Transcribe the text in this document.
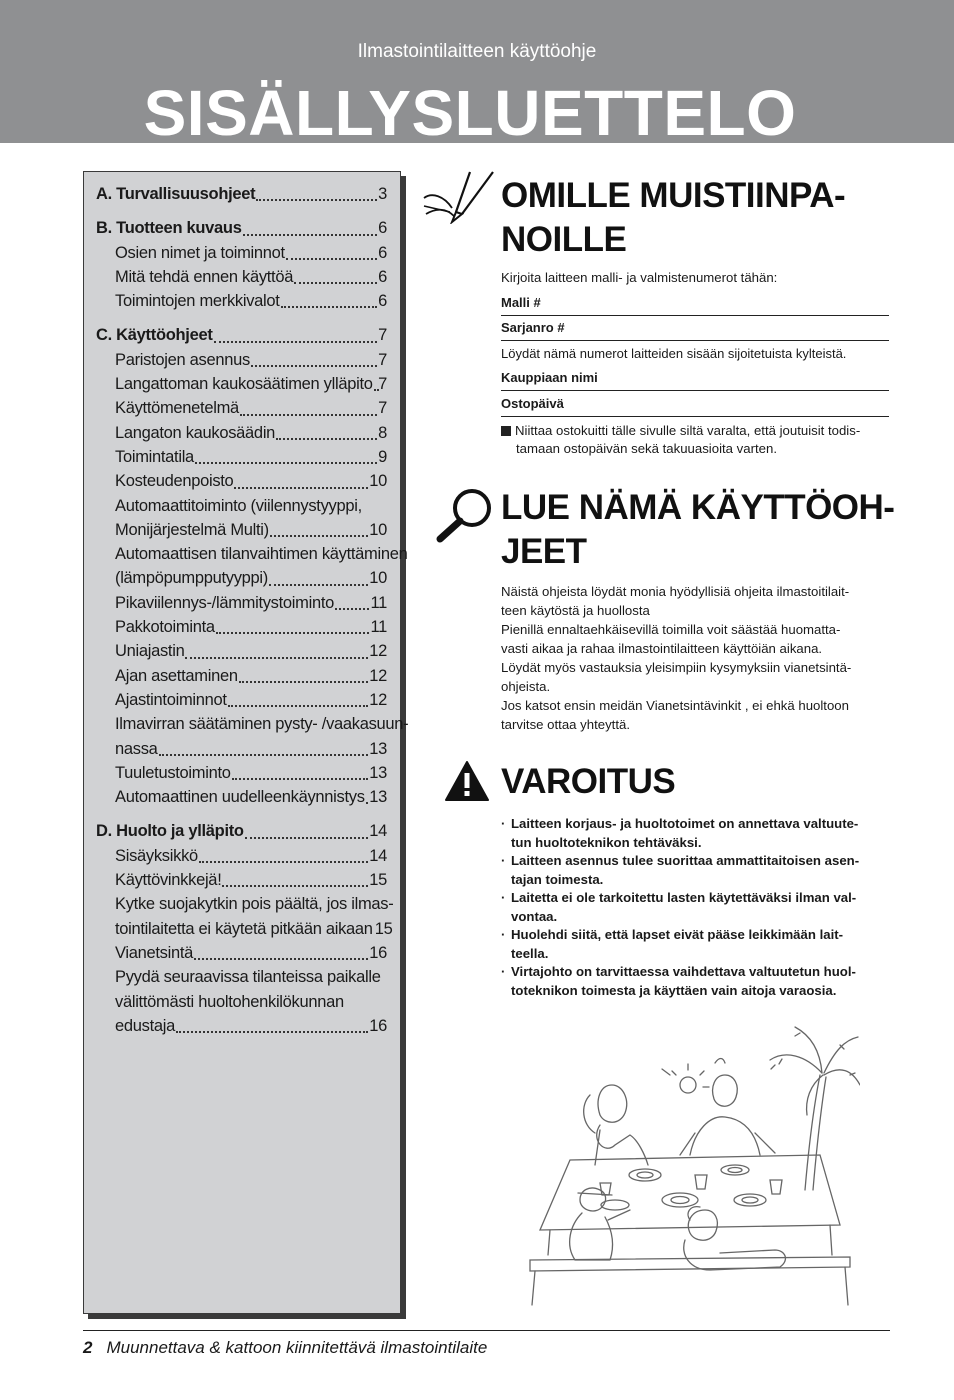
Ilmastointilaitteen käyttöohje
SISÄLLYSLUETTELO
A. Turvallisuusohjeet	3
B. Tuotteen kuvaus	6
Osien nimet ja toiminnot	6
Mitä tehdä ennen käyttöä	6
Toimintojen merkkivalot	6
C. Käyttöohjeet	7
Paristojen asennus	7
Langattoman kaukosäätimen ylläpito 7
Käyttömenetelmä	7
Langaton kaukosäädin	8
Toimintatila	9
Kosteudenpoisto	10
Automaattitoiminto (viilennystyyppi,
Monijärjestelmä Multi)	10
Automaattisen tilanvaihtimen käyttäminen
(lämpöpumpputyyppi)	10
Pikaviilennys-/lämmitystoiminto 11
Pakkotoiminta	11
Uniajastin	12
Ajan asettaminen	12
Ajastintoiminnot	12
Ilmavirran säätäminen pysty- /vaakasuun-
nassa	13
Tuuletustoiminto	13
Automaattinen uudelleenkäynnistys 13
D. Huolto ja ylläpito	14
Sisäyksikkö	14
Käyttövinkkejä!	15
Kytke suojakytkin pois päältä, jos ilmas-
tointilaitetta ei käytetä pitkään aikaan 15
Vianetsintä	16
Pyydä seuraavissa tilanteissa paikalle
välittömästi huoltohenkilökunnan
edustaja	16
OMILLE MUISTIINPA-
NOILLE
Kirjoita laitteen malli- ja valmistenumerot tähän:
Malli #
Sarjanro #
Löydät nämä numerot laitteiden sisään sijoitetuista kylteistä.
Kauppiaan nimi
Ostopäivä
Niittaa ostokuitti tälle sivulle siltä varalta, että joutuisit todis-
tamaan ostopäivän sekä takuuasioita varten.
LUE NÄMÄ KÄYTTÖOH-
JEET
Näistä ohjeista löydät monia hyödyllisiä ohjeita ilmastoitilait-
teen käytöstä ja huollosta
Pienillä ennaltaehkäisevillä toimilla voit säästää huomatta-
vasti aikaa ja rahaa ilmastointilaitteen käyttöiän aikana.
Löydät myös vastauksia yleisimpiin kysymyksiin vianetsintä-
ohjeista.
Jos katsot ensin meidän Vianetsintävinkit , ei ehkä huoltoon
tarvitse ottaa yhteyttä.
VAROITUS
· Laitteen korjaus- ja huoltotoimet on annettava valtuute-
tun huoltoteknikon tehtäväksi.
· Laitteen asennus tulee suorittaa ammattitaitoisen asen-
tajan toimesta.
· Laitetta ei ole tarkoitettu lasten käytettäväksi ilman val-
vontaa.
· Huolehdi siitä, että lapset eivät pääse leikkimään lait-
teella.
· Virtajohto on tarvittaessa vaihdettava valtuutetun huol-
toteknikon toimesta ja käyttäen vain aitoja varaosia.
2 Muunnettava & kattoon kiinnitettävä ilmastointilaite
